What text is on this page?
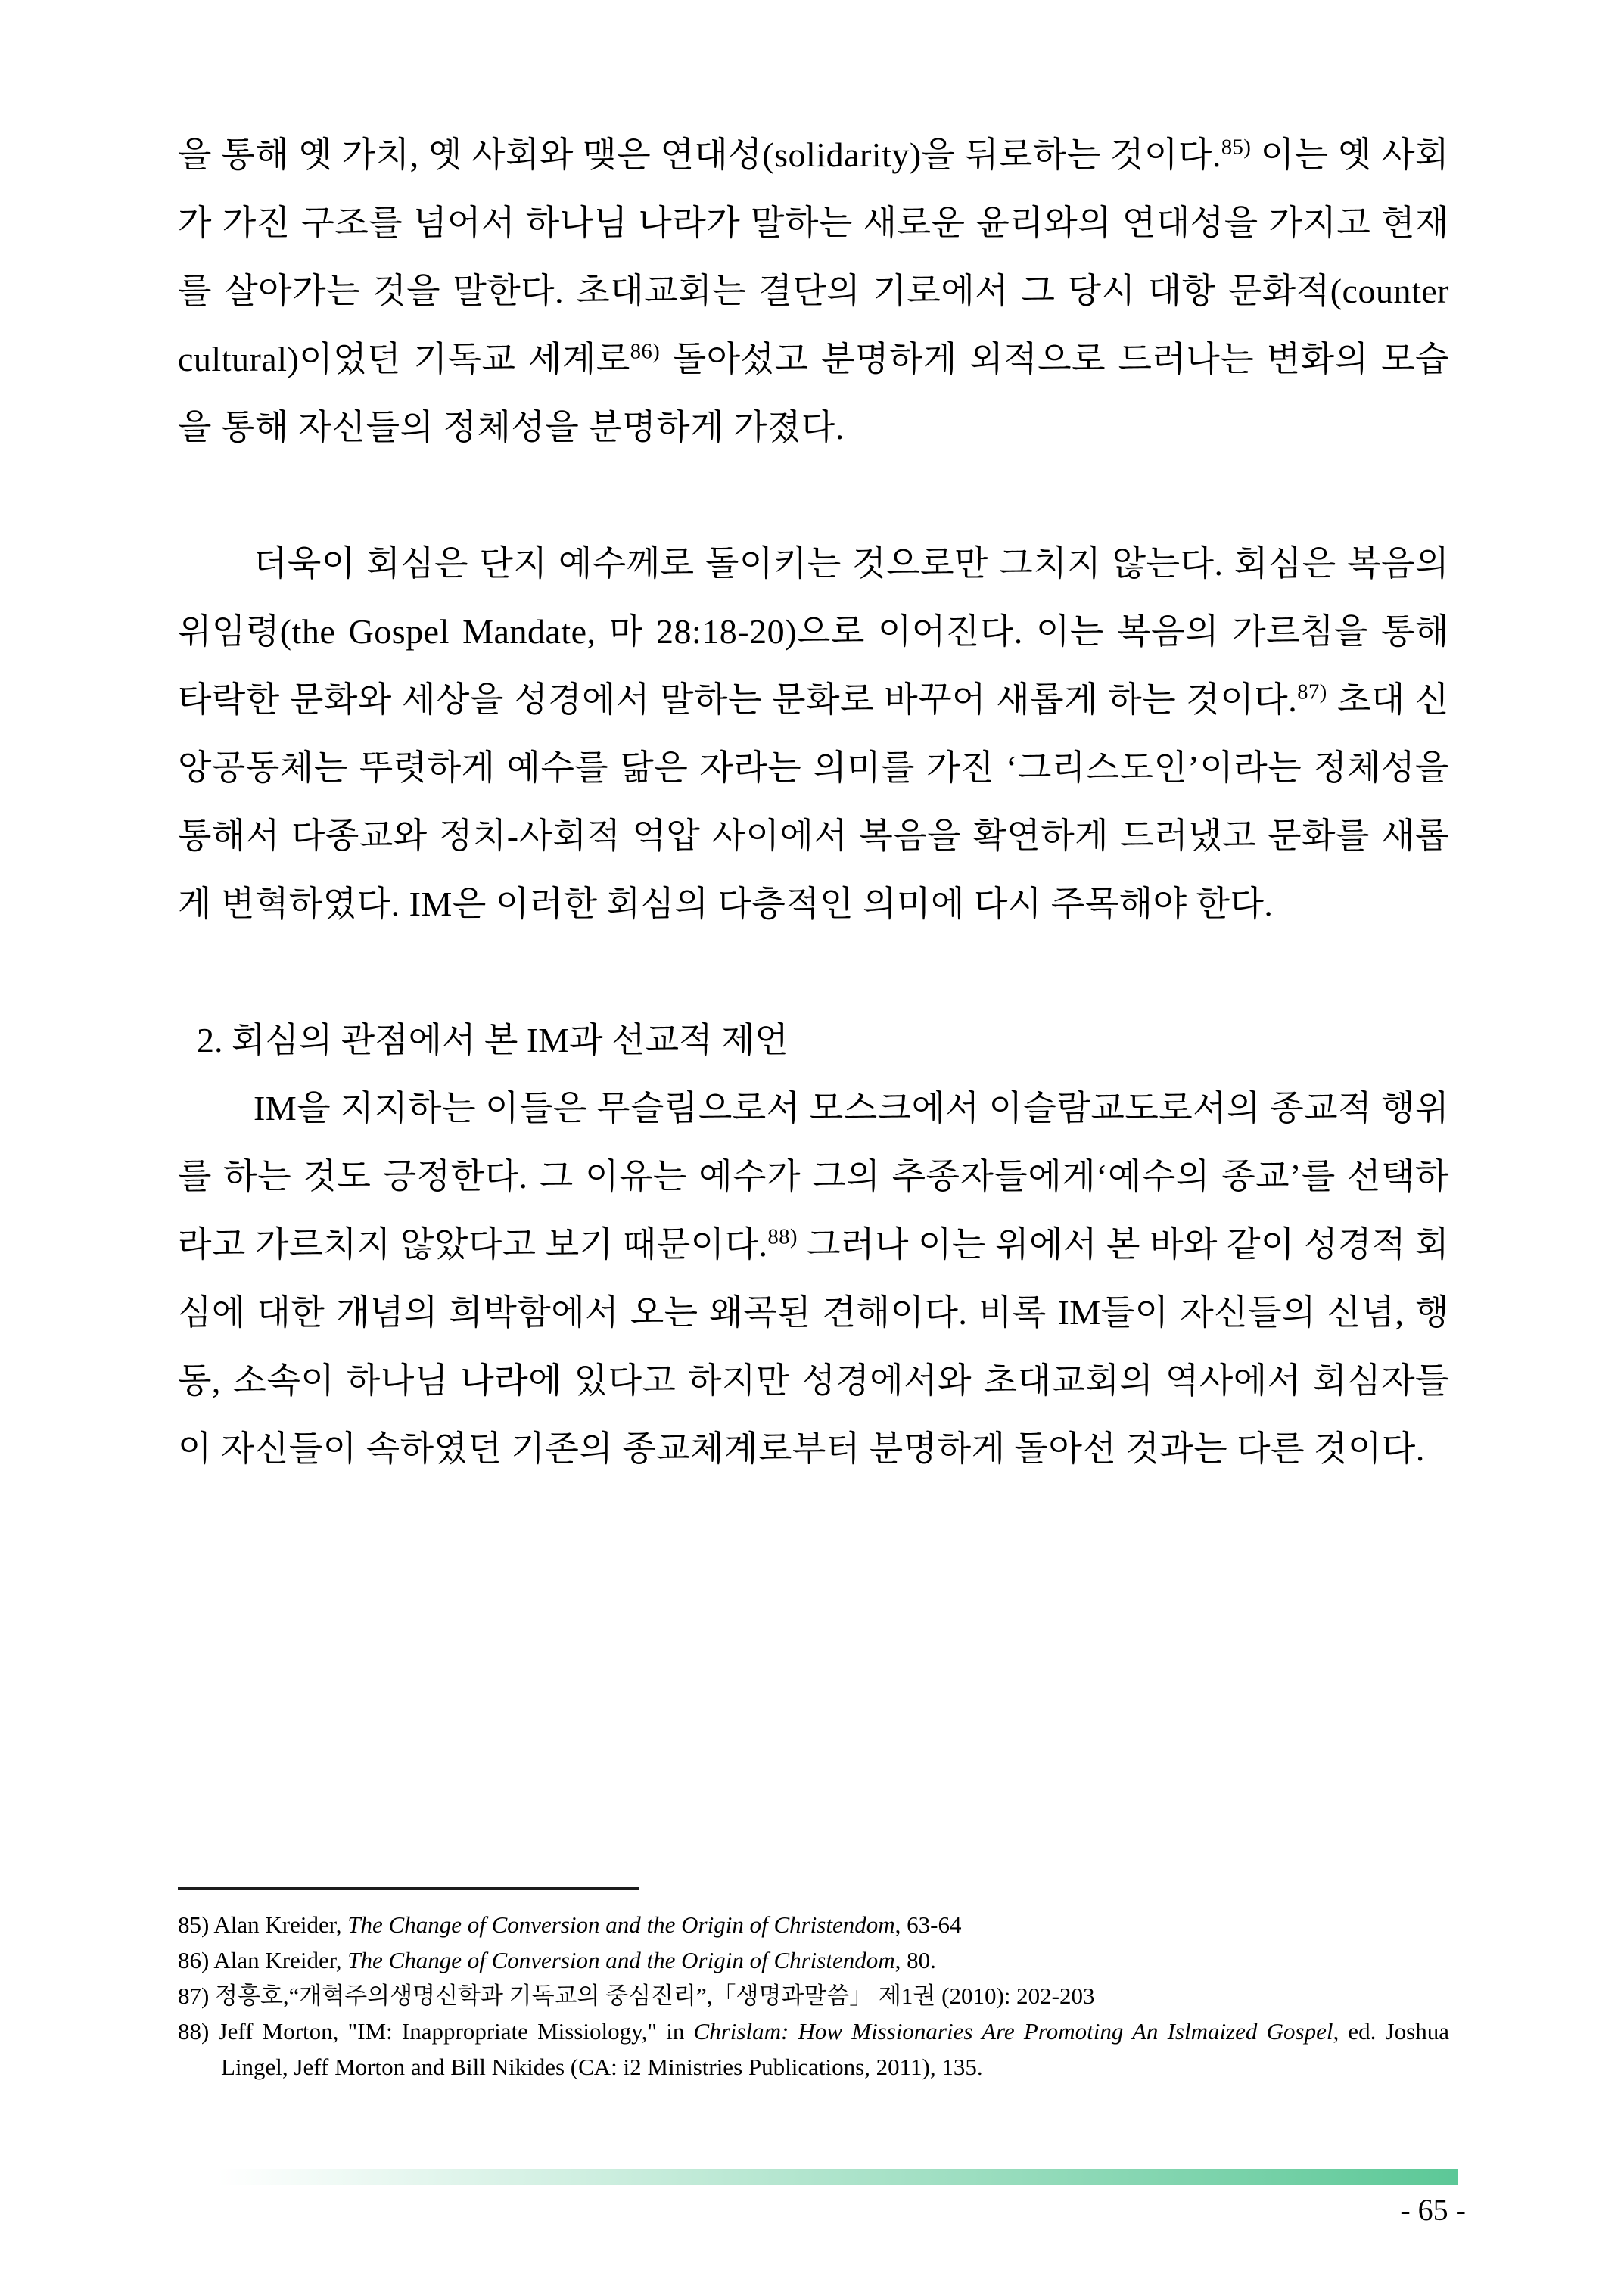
을 통해 옛 가치, 옛 사회와 맺은 연대성(solidarity)을 뒤로하는 것이다.$^{85)}$ 이는 옛 사회가 가진 구조를 넘어서 하나님 나라가 말하는 새로운 윤리와의 연대성을 가지고 현재를 살아가는 것을 말한다. 초대교회는 결단의 기로에서 그 당시 대항 문화적(counter cultural)이었던 기독교 세계로$^{86)}$ 돌아섰고 분명하게 외적으로 드러나는 변화의 모습을 통해 자신들의 정체성을 분명하게 가졌다.

더욱이 회심은 단지 예수께로 돌이키는 것으로만 그치지 않는다. 회심은 복음의 위임령(the Gospel Mandate, 마 28:18-20)으로 이어진다. 이는 복음의 가르침을 통해 타락한 문화와 세상을 성경에서 말하는 문화로 바꾸어 새롭게 하는 것이다.$^{87)}$ 초대 신앙공동체는 뚜렷하게 예수를 닮은 자라는 의미를 가진 ‘그리스도인’이라는 정체성을 통해서 다종교와 정치-사회적 억압 사이에서 복음을 확연하게 드러냈고 문화를 새롭게 변혁하였다. IM은 이러한 회심의 다층적인 의미에 다시 주목해야 한다.

2. 회심의 관점에서 본 IM과 선교적 제언

IM을 지지하는 이들은 무슬림으로서 모스크에서 이슬람교도로서의 종교적 행위를 하는 것도 긍정한다. 그 이유는 예수가 그의 추종자들에게‘예수의 종교’를 선택하라고 가르치지 않았다고 보기 때문이다.$^{88)}$ 그러나 이는 위에서 본 바와 같이 성경적 회심에 대한 개념의 희박함에서 오는 왜곡된 견해이다. 비록 IM들이 자신들의 신념, 행동, 소속이 하나님 나라에 있다고 하지만 성경에서와 초대교회의 역사에서 회심자들이 자신들이 속하였던 기존의 종교체계로부터 분명하게 돌아선 것과는 다른 것이다.

85) Alan Kreider, The Change of Conversion and the Origin of Christendom, 63-64

86) Alan Kreider, The Change of Conversion and the Origin of Christendom, 80.

87) 정흥호,“개혁주의생명신학과 기독교의 중심진리”,「생명과말씀」 제1권 (2010): 202-203

88) Jeff Morton, "IM: Inappropriate Missiology," in Chrislam: How Missionaries Are Promoting An Islmaized Gospel, ed. Joshua Lingel, Jeff Morton and Bill Nikides (CA: i2 Ministries Publications, 2011), 135.

- 65 -
